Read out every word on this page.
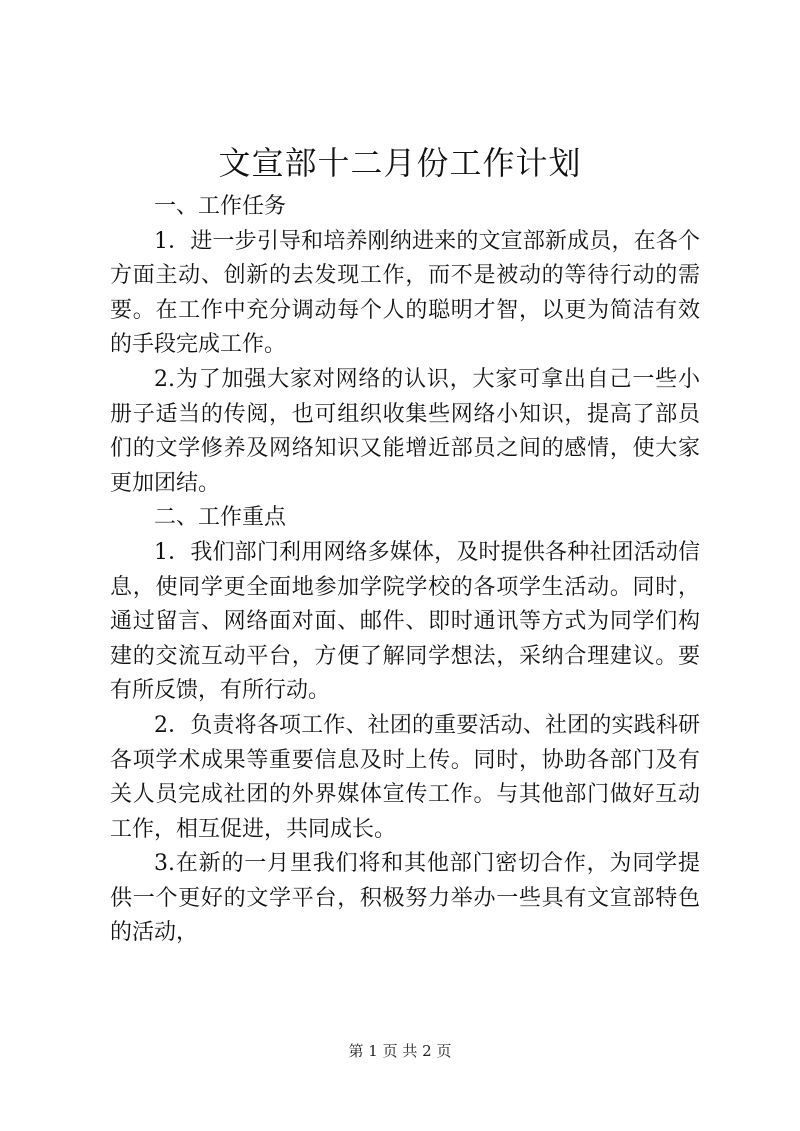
文宣部十二月份工作计划

一、工作任务

1．进一步引导和培养刚纳进来的文宣部新成员，在各个方面主动、创新的去发现工作，而不是被动的等待行动的需要。在工作中充分调动每个人的聪明才智，以更为简洁有效的手段完成工作。

2.为了加强大家对网络的认识，大家可拿出自己一些小册子适当的传阅，也可组织收集些网络小知识，提高了部员们的文学修养及网络知识又能增近部员之间的感情，使大家更加团结。

二、工作重点

1．我们部门利用网络多媒体，及时提供各种社团活动信息，使同学更全面地参加学院学校的各项学生活动。同时，通过留言、网络面对面、邮件、即时通讯等方式为同学们构建的交流互动平台，方便了解同学想法，采纳合理建议。要有所反馈，有所行动。

2．负责将各项工作、社团的重要活动、社团的实践科研各项学术成果等重要信息及时上传。同时，协助各部门及有关人员完成社团的外界媒体宣传工作。与其他部门做好互动工作，相互促进，共同成长。

3.在新的一月里我们将和其他部门密切合作，为同学提供一个更好的文学平台，积极努力举办一些具有文宣部特色的活动，

第 1 页 共 2 页
